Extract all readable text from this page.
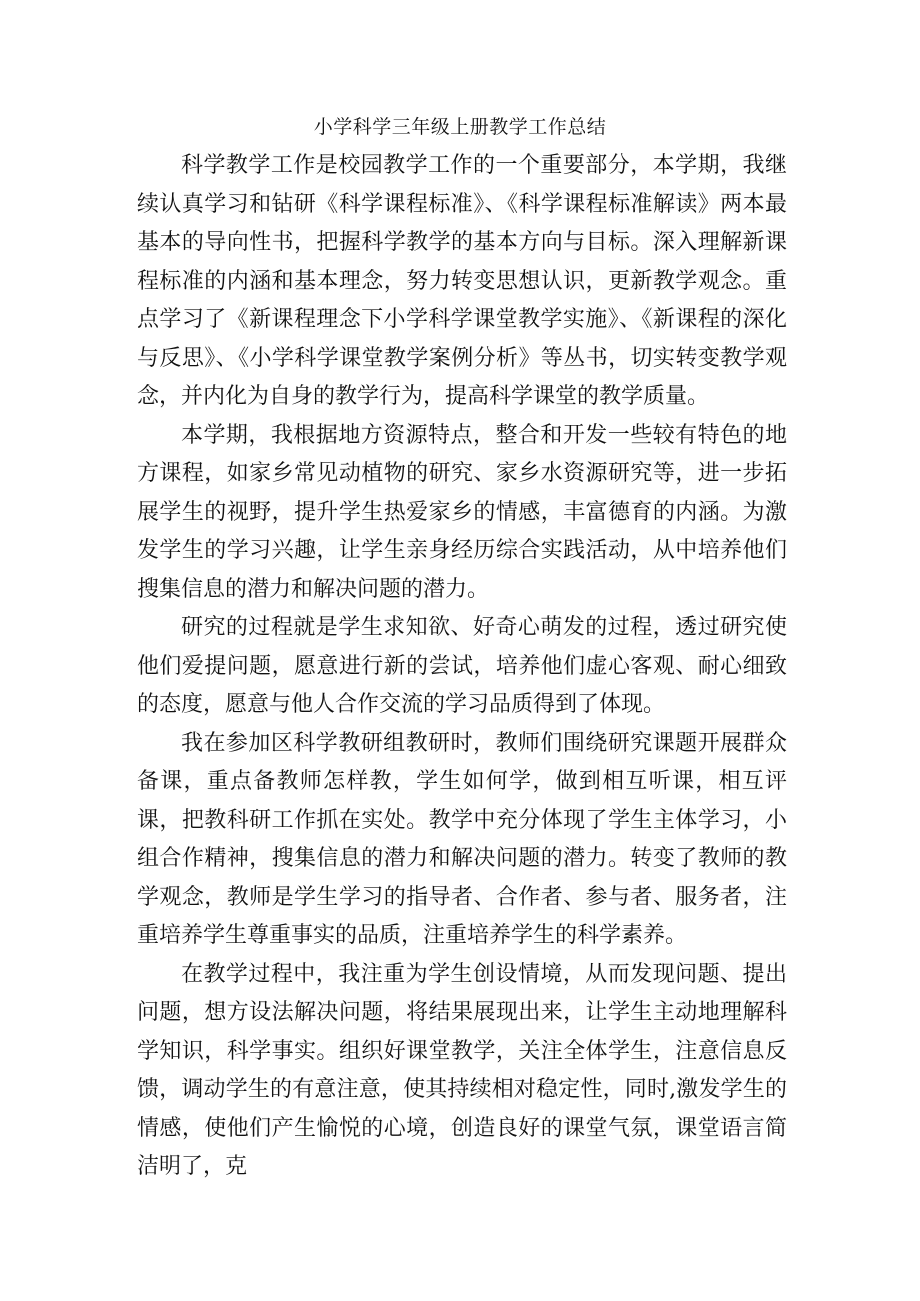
小学科学三年级上册教学工作总结

科学教学工作是校园教学工作的一个重要部分，本学期，我继续认真学习和钻研《科学课程标准》、《科学课程标准解读》两本最基本的导向性书，把握科学教学的基本方向与目标。深入理解新课程标准的内涵和基本理念，努力转变思想认识，更新教学观念。重点学习了《新课程理念下小学科学课堂教学实施》、《新课程的深化与反思》、《小学科学课堂教学案例分析》等丛书，切实转变教学观念，并内化为自身的教学行为，提高科学课堂的教学质量。

本学期，我根据地方资源特点，整合和开发一些较有特色的地方课程，如家乡常见动植物的研究、家乡水资源研究等，进一步拓展学生的视野，提升学生热爱家乡的情感，丰富德育的内涵。为激发学生的学习兴趣，让学生亲身经历综合实践活动，从中培养他们搜集信息的潜力和解决问题的潜力。

研究的过程就是学生求知欲、好奇心萌发的过程，透过研究使他们爱提问题，愿意进行新的尝试，培养他们虚心客观、耐心细致的态度，愿意与他人合作交流的学习品质得到了体现。

我在参加区科学教研组教研时，教师们围绕研究课题开展群众备课，重点备教师怎样教，学生如何学，做到相互听课，相互评课，把教科研工作抓在实处。教学中充分体现了学生主体学习，小组合作精神，搜集信息的潜力和解决问题的潜力。转变了教师的教学观念，教师是学生学习的指导者、合作者、参与者、服务者，注重培养学生尊重事实的品质，注重培养学生的科学素养。

在教学过程中，我注重为学生创设情境，从而发现问题、提出问题，想方设法解决问题，将结果展现出来，让学生主动地理解科学知识，科学事实。组织好课堂教学，关注全体学生，注意信息反馈，调动学生的有意注意，使其持续相对稳定性，同时,激发学生的情感，使他们产生愉悦的心境，创造良好的课堂气氛，课堂语言简洁明了，克
